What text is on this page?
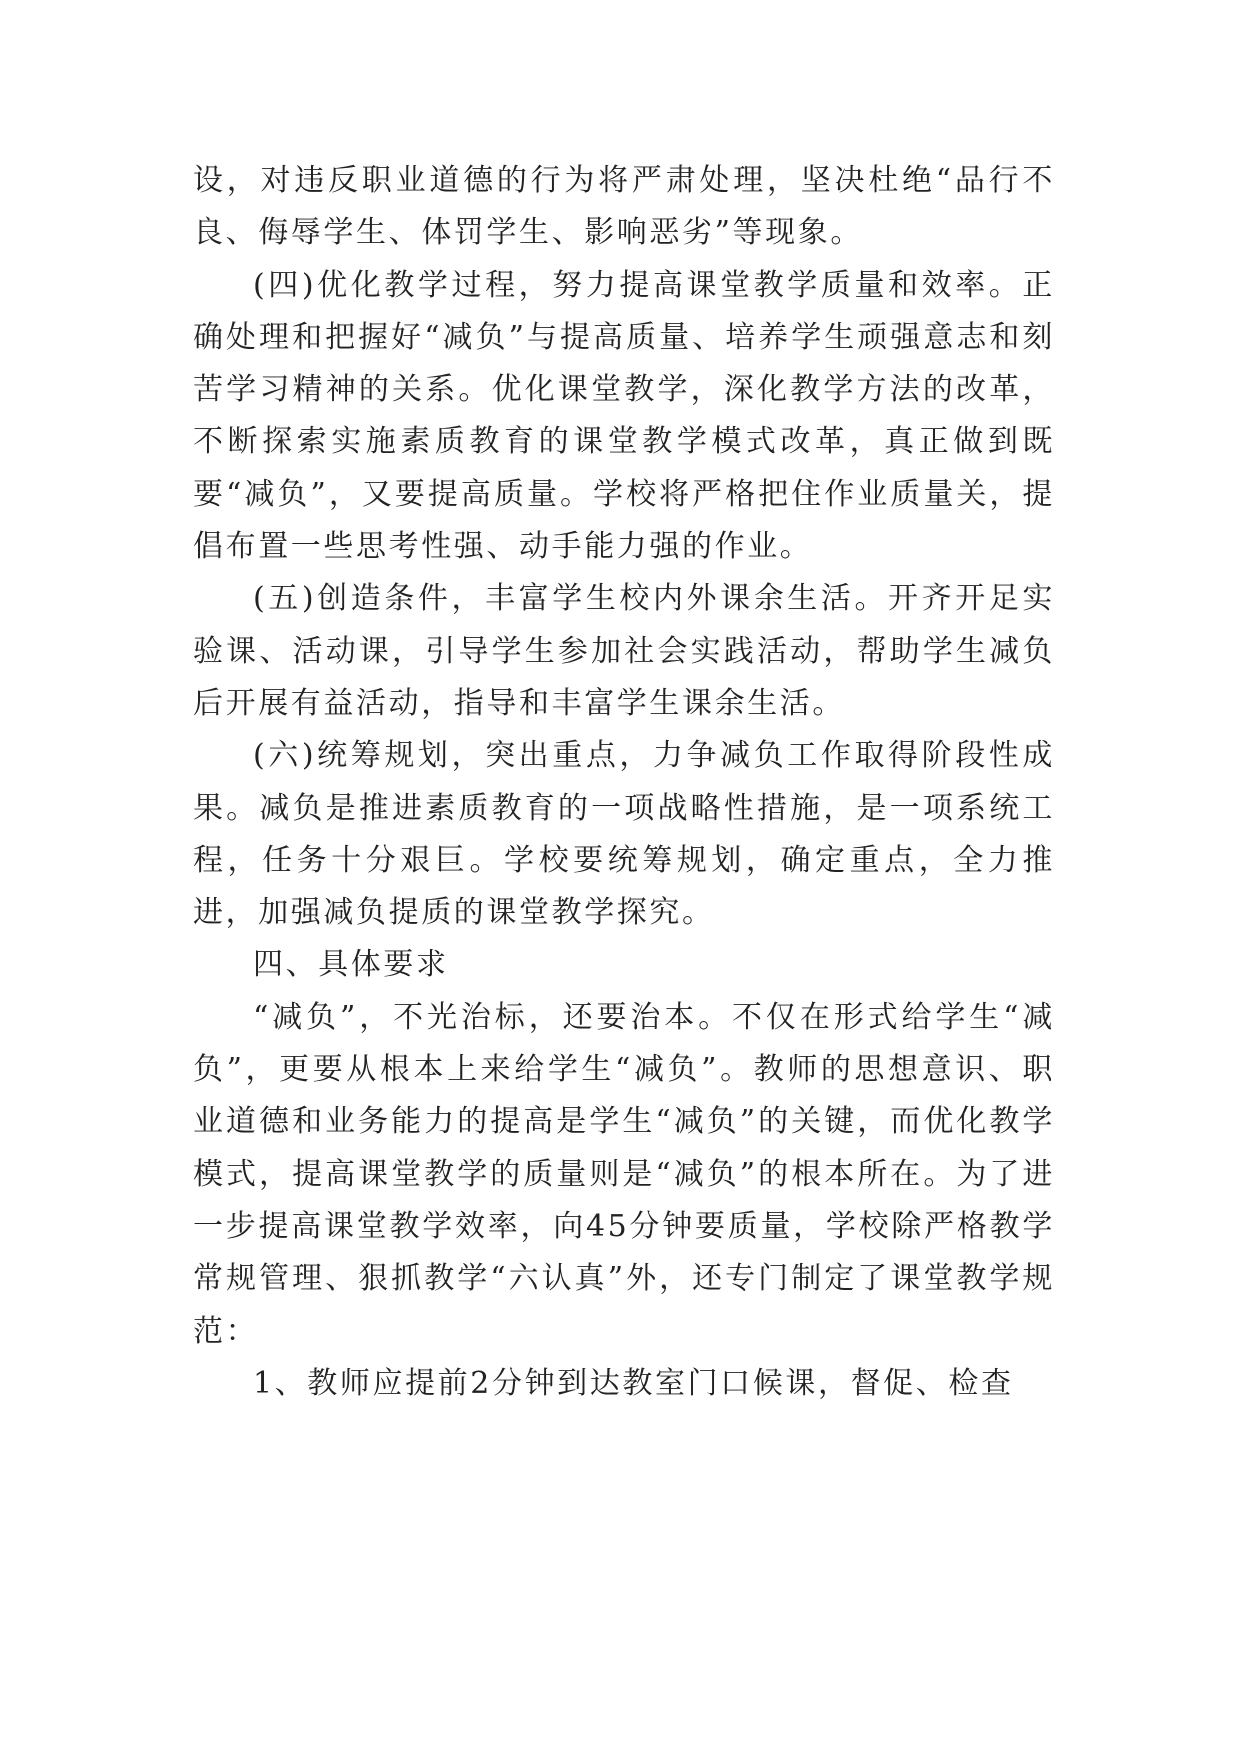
设，对违反职业道德的行为将严肃处理，坚决杜绝“品行不良、侮辱学生、体罚学生、影响恶劣”等现象。

(四)优化教学过程，努力提高课堂教学质量和效率。正确处理和把握好“减负”与提高质量、培养学生顽强意志和刻苦学习精神的关系。优化课堂教学，深化教学方法的改革，不断探索实施素质教育的课堂教学模式改革，真正做到既要“减负”，又要提高质量。学校将严格把住作业质量关，提倡布置一些思考性强、动手能力强的作业。

(五)创造条件，丰富学生校内外课余生活。开齐开足实验课、活动课，引导学生参加社会实践活动，帮助学生减负后开展有益活动，指导和丰富学生课余生活。

(六)统筹规划，突出重点，力争减负工作取得阶段性成果。减负是推进素质教育的一项战略性措施，是一项系统工程，任务十分艰巨。学校要统筹规划，确定重点，全力推进，加强减负提质的课堂教学探究。

四、具体要求

“减负”，不光治标，还要治本。不仅在形式给学生“减负”，更要从根本上来给学生“减负”。教师的思想意识、职业道德和业务能力的提高是学生“减负”的关键，而优化教学模式，提高课堂教学的质量则是“减负”的根本所在。为了进一步提高课堂教学效率，向45分钟要质量，学校除严格教学常规管理、狠抓教学“六认真”外，还专门制定了课堂教学规范：

1、教师应提前2分钟到达教室门口候课，督促、检查
